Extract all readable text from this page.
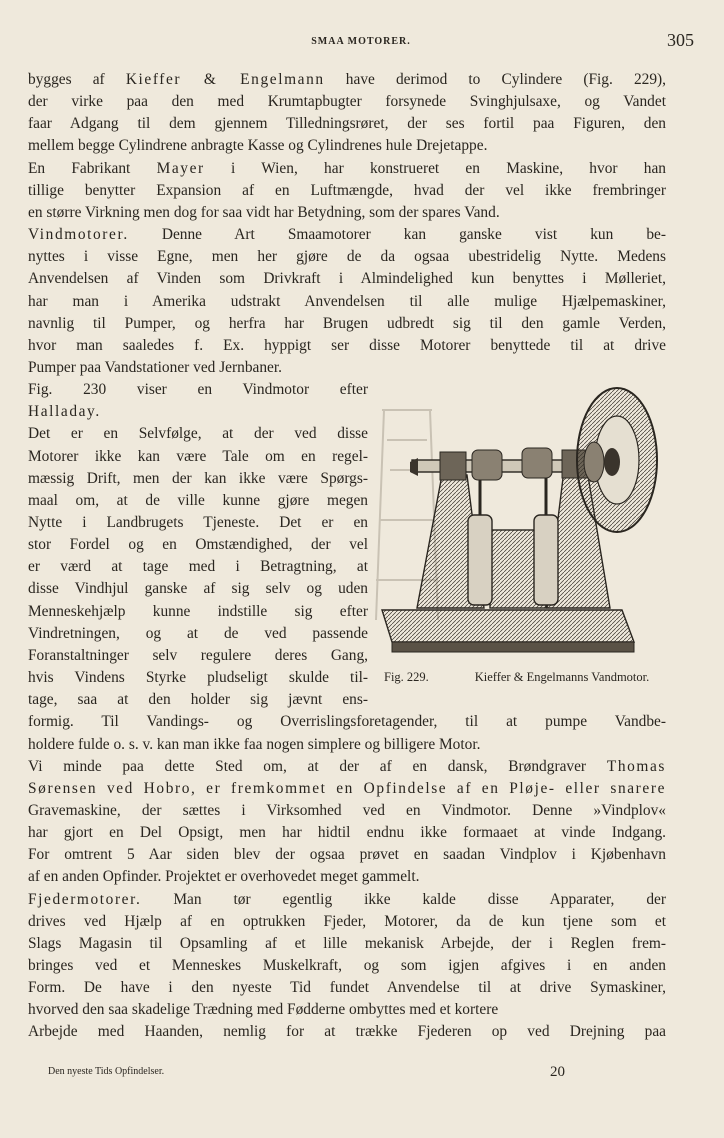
SMAA MOTORER.	305
bygges af Kieffer & Engelmann have derimod to Cylindere (Fig. 229),
der virke paa den med Krumtapbugter forsynede Svinghjulsaxe, og Vandet
faar Adgang til dem gjennem Tilledningsrøret, der ses fortil paa Figuren, den
mellem begge Cylindrene anbragte Kasse og Cylindrenes hule Drejetappe.
En Fabrikant Mayer i Wien, har konstrueret en Maskine, hvor han
tillige benytter Expansion af en Luftmængde, hvad der vel ikke frembringer
en større Virkning men dog for saa vidt har Betydning, som der spares Vand.
Vindmotorer. Denne Art Smaamotorer kan ganske vist kun be-
nyttes i visse Egne, men her gjøre de da ogsaa ubestridelig Nytte. Medens
Anvendelsen af Vinden som Drivkraft i Almindelighed kun benyttes i Mølleriet,
har man i Amerika udstrakt Anvendelsen til alle mulige Hjælpemaskiner,
navnlig til Pumper, og herfra har Brugen udbredt sig til den gamle Verden,
hvor man saaledes f. Ex. hyppigt ser disse Motorer benyttede til at drive
Pumper paa Vandstationer ved Jernbaner.
Fig. 230 viser en Vindmotor efter
Halladay.
Det er en Selvfølge, at der ved disse
Motorer ikke kan være Tale om en regel-
mæssig Drift, men der kan ikke være Spørgs-
maal om, at de ville kunne gjøre megen
Nytte i Landbrugets Tjeneste. Det er en
stor Fordel og en Omstændighed, der vel
er værd at tage med i Betragtning, at
disse Vindhjul ganske af sig selv og uden
Menneskehjælp kunne indstille sig efter
Vindretningen, og at de ved passende
Foranstaltninger selv regulere deres Gang,
hvis Vindens Styrke pludseligt skulde til-
tage, saa at den holder sig jævnt ens-
formig. Til Vandings- og Overrislingsforetagender, til at pumpe Vandbe-
holdere fulde o. s. v. kan man ikke faa nogen simplere og billigere Motor.
Vi minde paa dette Sted om, at der af en dansk, Brøndgraver Thomas
Sørensen ved Hobro, er fremkommet en Opfindelse af en Pløje- eller snarere
Gravemaskine, der sættes i Virksomhed ved en Vindmotor. Denne »Vindplov«
har gjort en Del Opsigt, men har hidtil endnu ikke formaaet at vinde Indgang.
For omtrent 5 Aar siden blev der ogsaa prøvet en saadan Vindplov i Kjøbenhavn
af en anden Opfinder. Projektet er overhovedet meget gammelt.
Fjedermotorer. Man tør egentlig ikke kalde disse Apparater, der
drives ved Hjælp af en optrukken Fjeder, Motorer, da de kun tjene som et
Slags Magasin til Opsamling af et lille mekanisk Arbejde, der i Reglen frem-
bringes ved et Menneskes Muskelkraft, og som igjen afgives i en anden
Form. De have i den nyeste Tid fundet Anvendelse til at drive Symaskiner,
hvorved den saa skadelige Trædning med Fødderne ombyttes med et kortere
Arbejde med Haanden, nemlig for at trække Fjederen op ved Drejning paa
Fig. 229.	Kieffer & Engelmanns Vandmotor.
Den nyeste Tids Opfindelser.	20
